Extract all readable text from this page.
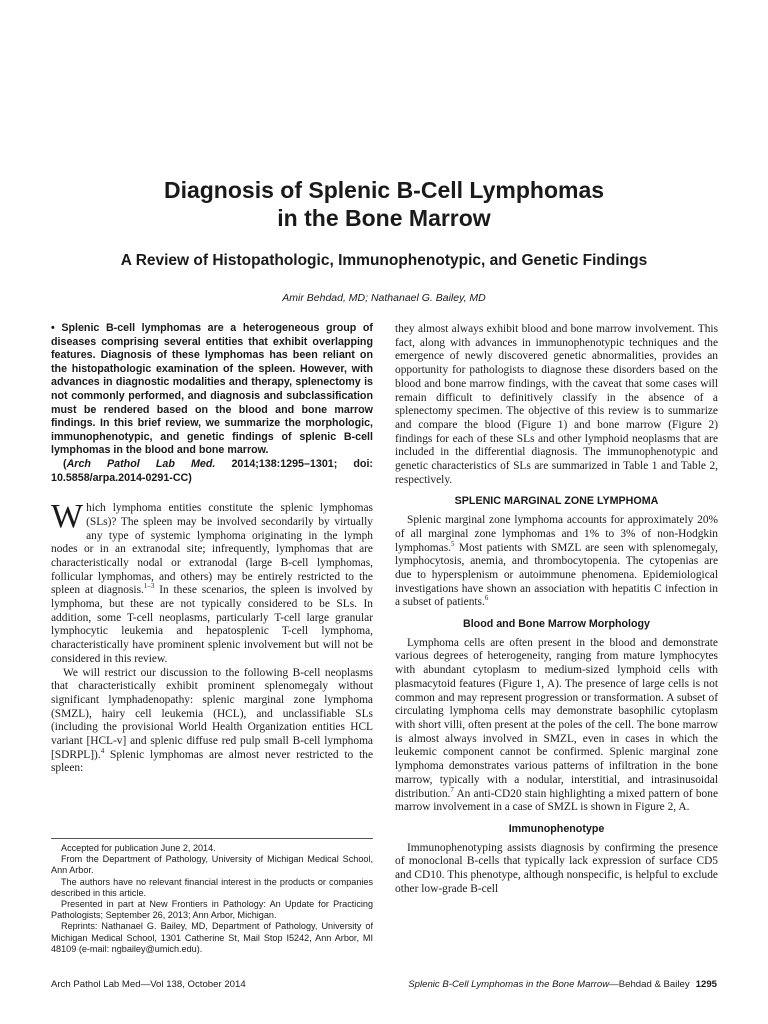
Diagnosis of Splenic B-Cell Lymphomas
in the Bone Marrow
A Review of Histopathologic, Immunophenotypic, and Genetic Findings

Amir Behdad, MD; Nathanael G. Bailey, MD

• Splenic B-cell lymphomas are a heterogeneous group of diseases comprising several entities that exhibit overlapping features. Diagnosis of these lymphomas has been reliant on the histopathologic examination of the spleen. However, with advances in diagnostic modalities and therapy, splenectomy is not commonly performed, and diagnosis and subclassification must be rendered based on the blood and bone marrow findings. In this brief review, we summarize the morphologic, immunophenotypic, and genetic findings of splenic B-cell lymphomas in the blood and bone marrow.

(Arch Pathol Lab Med. 2014;138:1295–1301; doi: 10.5858/arpa.2014-0291-CC)

Which lymphoma entities constitute the splenic lymphomas (SLs)? The spleen may be involved secondarily by virtually any type of systemic lymphoma originating in the lymph nodes or in an extranodal site; infrequently, lymphomas that are characteristically nodal or extranodal (large B-cell lymphomas, follicular lymphomas, and others) may be entirely restricted to the spleen at diagnosis.$^{1-3}$ In these scenarios, the spleen is involved by lymphoma, but these are not typically considered to be SLs. In addition, some T-cell neoplasms, particularly T-cell large granular lymphocytic leukemia and hepatosplenic T-cell lymphoma, characteristically have prominent splenic involvement but will not be considered in this review.

We will restrict our discussion to the following B-cell neoplasms that characteristically exhibit prominent splenomegaly without significant lymphadenopathy: splenic marginal zone lymphoma (SMZL), hairy cell leukemia (HCL), and unclassifiable SLs (including the provisional World Health Organization entities HCL variant [HCL-v] and splenic diffuse red pulp small B-cell lymphoma [SDRPL]).$^4$ Splenic lymphomas are almost never restricted to the spleen:

Accepted for publication June 2, 2014.

From the Department of Pathology, University of Michigan Medical School, Ann Arbor.

The authors have no relevant financial interest in the products or companies described in this article.

Presented in part at New Frontiers in Pathology: An Update for Practicing Pathologists; September 26, 2013; Ann Arbor, Michigan.

Reprints: Nathanael G. Bailey, MD, Department of Pathology, University of Michigan Medical School, 1301 Catherine St, Mail Stop I5242, Ann Arbor, MI 48109 (e-mail: ngbailey@umich.edu).

they almost always exhibit blood and bone marrow involvement. This fact, along with advances in immunophenotypic techniques and the emergence of newly discovered genetic abnormalities, provides an opportunity for pathologists to diagnose these disorders based on the blood and bone marrow findings, with the caveat that some cases will remain difficult to definitively classify in the absence of a splenectomy specimen. The objective of this review is to summarize and compare the blood (Figure 1) and bone marrow (Figure 2) findings for each of these SLs and other lymphoid neoplasms that are included in the differential diagnosis. The immunophenotypic and genetic characteristics of SLs are summarized in Table 1 and Table 2, respectively.

SPLENIC MARGINAL ZONE LYMPHOMA

Splenic marginal zone lymphoma accounts for approximately 20% of all marginal zone lymphomas and 1% to 3% of non-Hodgkin lymphomas.$^5$ Most patients with SMZL are seen with splenomegaly, lymphocytosis, anemia, and thrombocytopenia. The cytopenias are due to hypersplenism or autoimmune phenomena. Epidemiological investigations have shown an association with hepatitis C infection in a subset of patients.$^6$

Blood and Bone Marrow Morphology

Lymphoma cells are often present in the blood and demonstrate various degrees of heterogeneity, ranging from mature lymphocytes with abundant cytoplasm to medium-sized lymphoid cells with plasmacytoid features (Figure 1, A). The presence of large cells is not common and may represent progression or transformation. A subset of circulating lymphoma cells may demonstrate basophilic cytoplasm with short villi, often present at the poles of the cell. The bone marrow is almost always involved in SMZL, even in cases in which the leukemic component cannot be confirmed. Splenic marginal zone lymphoma demonstrates various patterns of infiltration in the bone marrow, typically with a nodular, interstitial, and intrasinusoidal distribution.$^7$ An anti-CD20 stain highlighting a mixed pattern of bone marrow involvement in a case of SMZL is shown in Figure 2, A.

Immunophenotype

Immunophenotyping assists diagnosis by confirming the presence of monoclonal B-cells that typically lack expression of surface CD5 and CD10. This phenotype, although nonspecific, is helpful to exclude other low-grade B-cell

Arch Pathol Lab Med—Vol 138, October 2014	Splenic B-Cell Lymphomas in the Bone Marrow—Behdad & Bailey 1295
